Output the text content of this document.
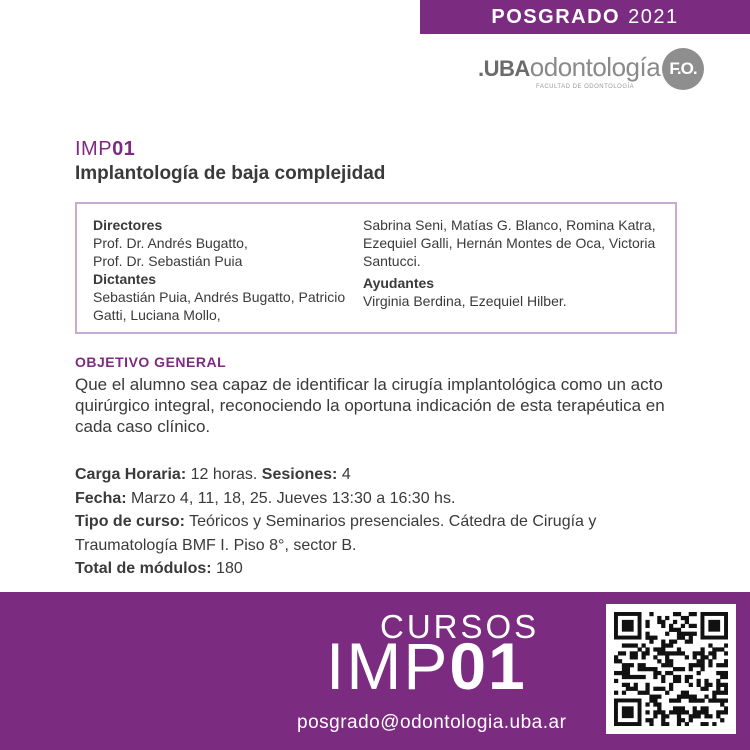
POSGRADO 2021
.UBAodontología
FACULTAD DE ODONTOLOGÍA
F.O.
IMP01
Implantología de baja complejidad
Directores
Prof. Dr. Andrés Bugatto,
Prof. Dr. Sebastián Puia
Dictantes
Sebastián Puia, Andrés Bugatto, Patricio Gatti, Luciana Mollo,
Sabrina Seni, Matías G. Blanco, Romina Katra, Ezequiel Galli, Hernán Montes de Oca, Victoria Santucci.
Ayudantes
Virginia Berdina, Ezequiel Hilber.
OBJETIVO GENERAL
Que el alumno sea capaz de identificar la cirugía implantológica como un acto quirúrgico integral, reconociendo la oportuna indicación de esta terapéutica en cada caso clínico.
Carga Horaria: 12 horas. Sesiones: 4
Fecha: Marzo 4, 11, 18, 25. Jueves 13:30 a 16:30 hs.
Tipo de curso: Teóricos y Seminarios presenciales. Cátedra de Cirugía y Traumatología BMF I. Piso 8°, sector B.
Total de módulos: 180
CURSOS
IMP01
posgrado@odontologia.uba.ar
